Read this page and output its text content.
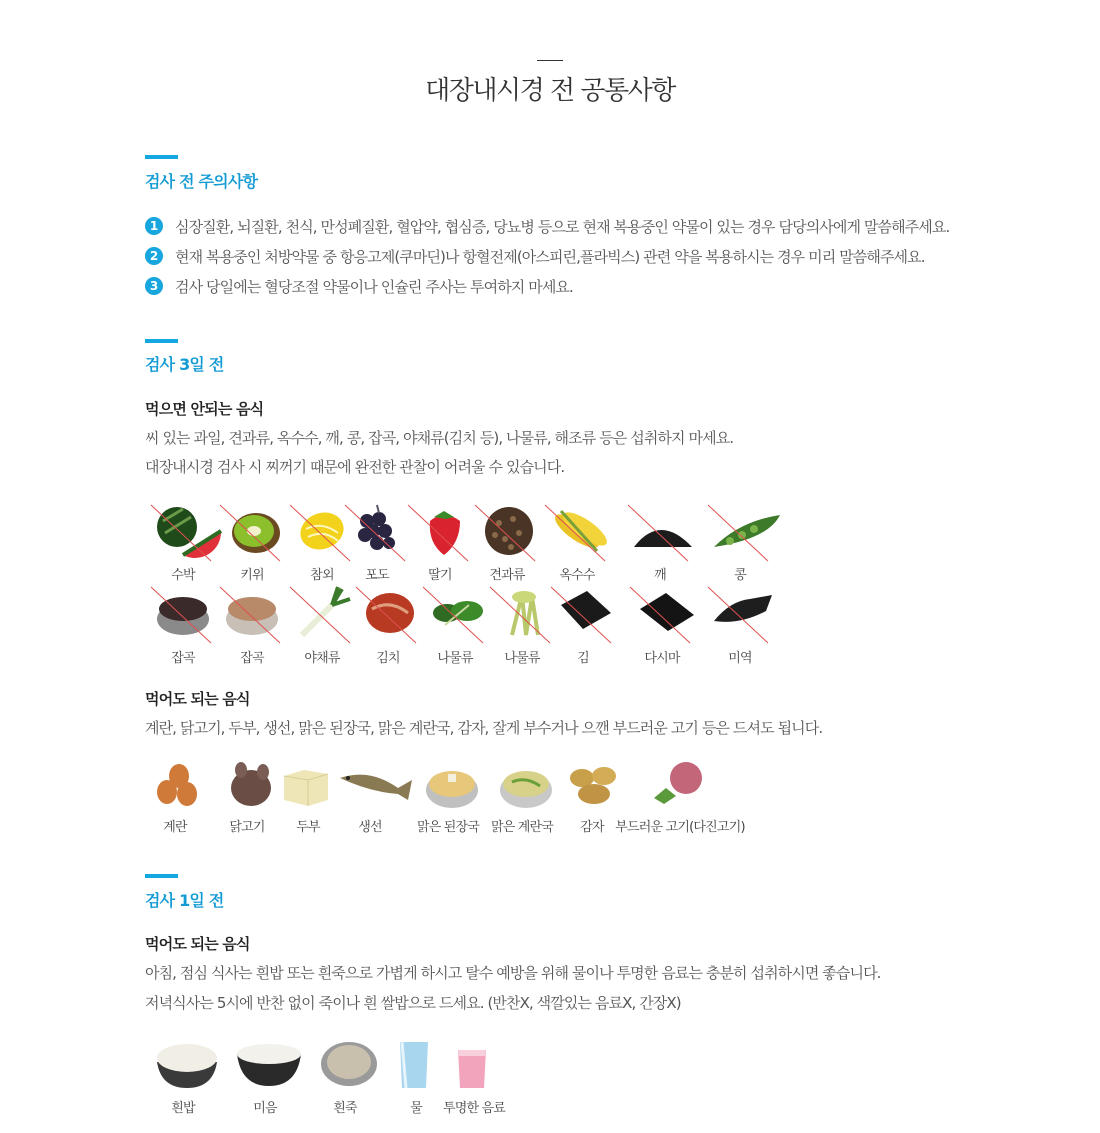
대장내시경 전 공통사항
검사 전 주의사항
1	심장질환, 뇌질환, 천식, 만성폐질환, 혈압약, 협심증, 당뇨병 등으로 현재 복용중인 약물이 있는 경우 담당의사에게 말씀해주세요.
2	현재 복용중인 처방약물 중 항응고제(쿠마딘)나 항혈전제(아스피린,플라빅스) 관련 약을 복용하시는 경우 미리 말씀해주세요.
3	검사 당일에는 혈당조절 약물이나 인슐린 주사는 투여하지 마세요.
검사 3일 전
먹으면 안되는 음식
씨 있는 과일, 견과류, 옥수수, 깨, 콩, 잡곡, 야채류(김치 등), 나물류, 해조류 등은 섭취하지 마세요.
대장내시경 검사 시 찌꺼기 때문에 완전한 관찰이 어려울 수 있습니다.
수박	키위	참외	포도	딸기	견과류	옥수수	깨	콩
잡곡	잡곡	야채류	김치	나물류	나물류	김	다시마	미역
먹어도 되는 음식
계란, 닭고기, 두부, 생선, 맑은 된장국, 맑은 계란국, 감자, 잘게 부수거나 으깬 부드러운 고기 등은 드셔도 됩니다.
계란	닭고기	두부	생선	맑은 된장국 맑은 계란국	감자 부드러운 고기(다진고기)
검사 1일 전
먹어도 되는 음식
아침, 점심 식사는 흰밥 또는 흰죽으로 가볍게 하시고 탈수 예방을 위해 물이나 투명한 음료는 충분히 섭취하시면 좋습니다.
저녁식사는 5시에 반찬 없이 죽이나 흰 쌀밥으로 드세요. (반찬X, 색깔있는 음료X, 간장X)
흰밥	미음	흰죽	물	투명한 음료
